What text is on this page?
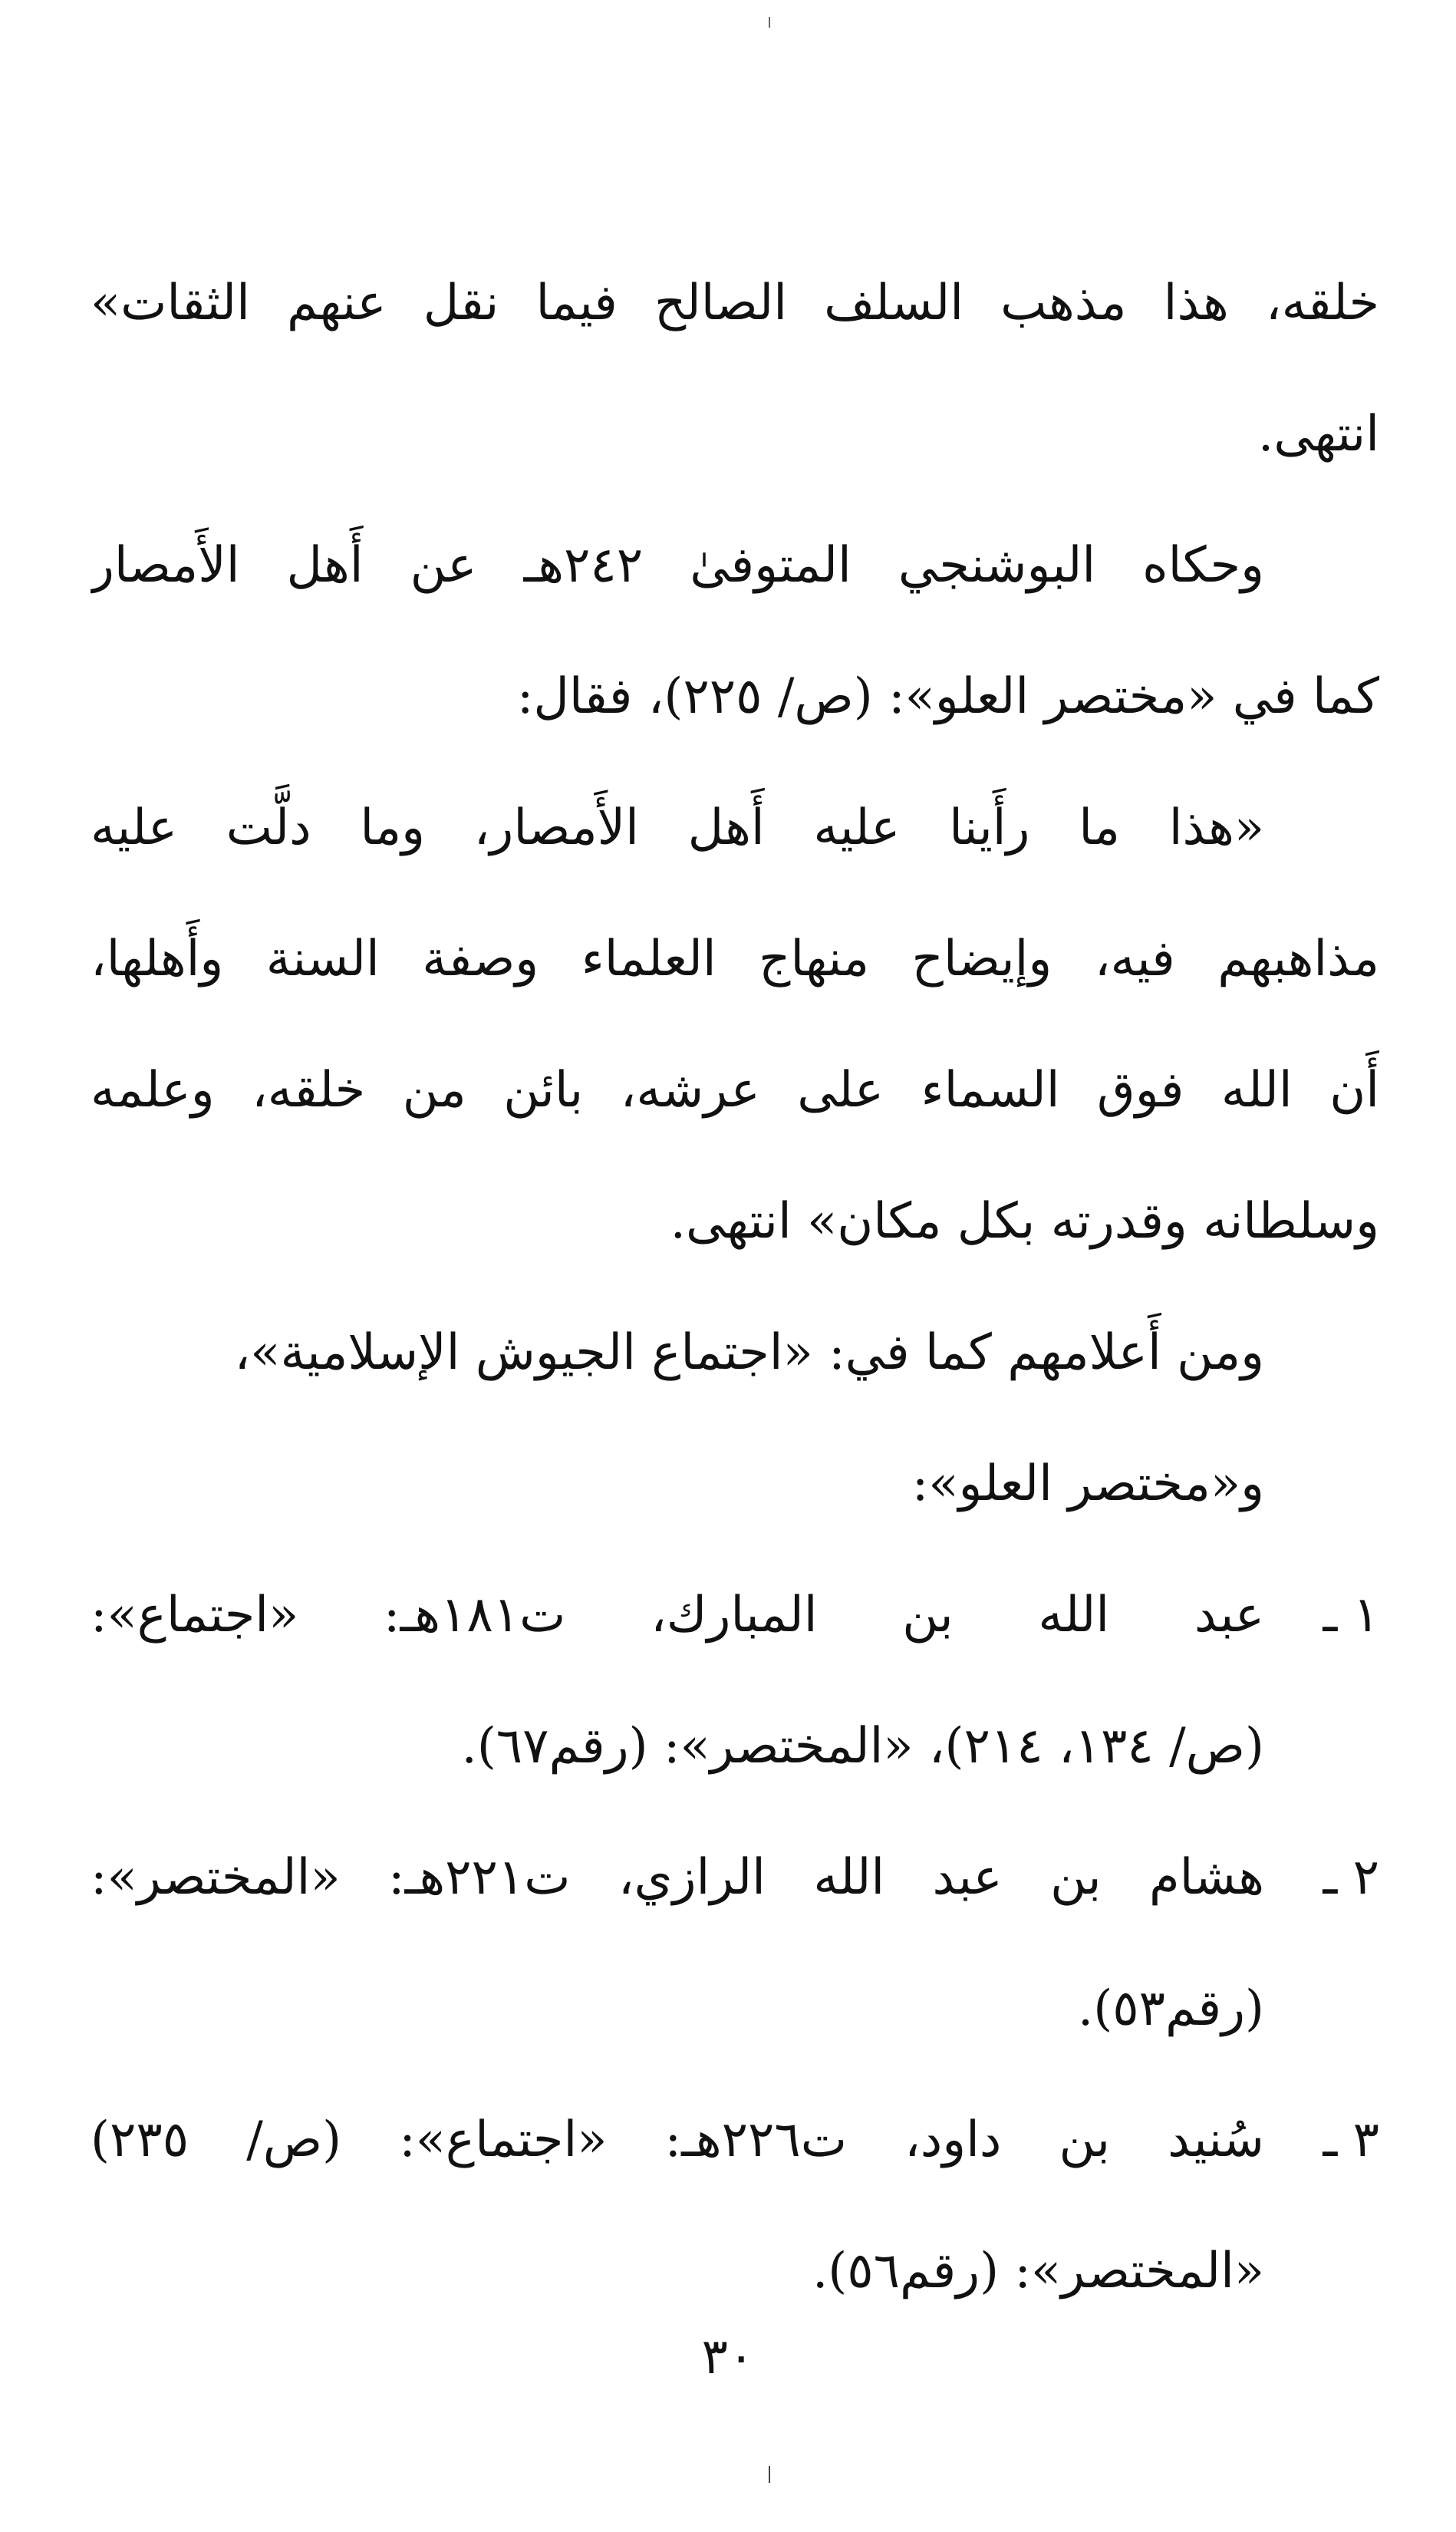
خلقه، هذا مذهب السلف الصالح فيما نقل عنهم الثقات»
انتهى.
وحكاه البوشنجي المتوفىٰ ٢٤٢هـ عن أَهل الأَمصار
كما في «مختصر العلو»: (ص/ ٢٢٥)، فقال:
«هذا ما رأَينا عليه أَهل الأَمصار، وما دلَّت عليه
مذاهبهم فيه، وإيضاح منهاج العلماء وصفة السنة وأَهلها،
أَن الله فوق السماء على عرشه، بائن من خلقه، وعلمه
وسلطانه وقدرته بكل مكان» انتهى.
ومن أَعلامهم كما في: «اجتماع الجيوش الإسلامية»،
و«مختصر العلو»:
١ ـ
عبد الله بن المبارك، ت١٨١هـ: «اجتماع»:
(ص/ ١٣٤، ٢١٤)، «المختصر»: (رقم٦٧).
٢ ـ
هشام بن عبد الله الرازي، ت٢٢١هـ: «المختصر»:
(رقم٥٣).
٣ ـ
سُنيد بن داود، ت٢٢٦هـ: «اجتماع»: (ص/ ٢٣٥)
«المختصر»: (رقم٥٦).
٣٠
